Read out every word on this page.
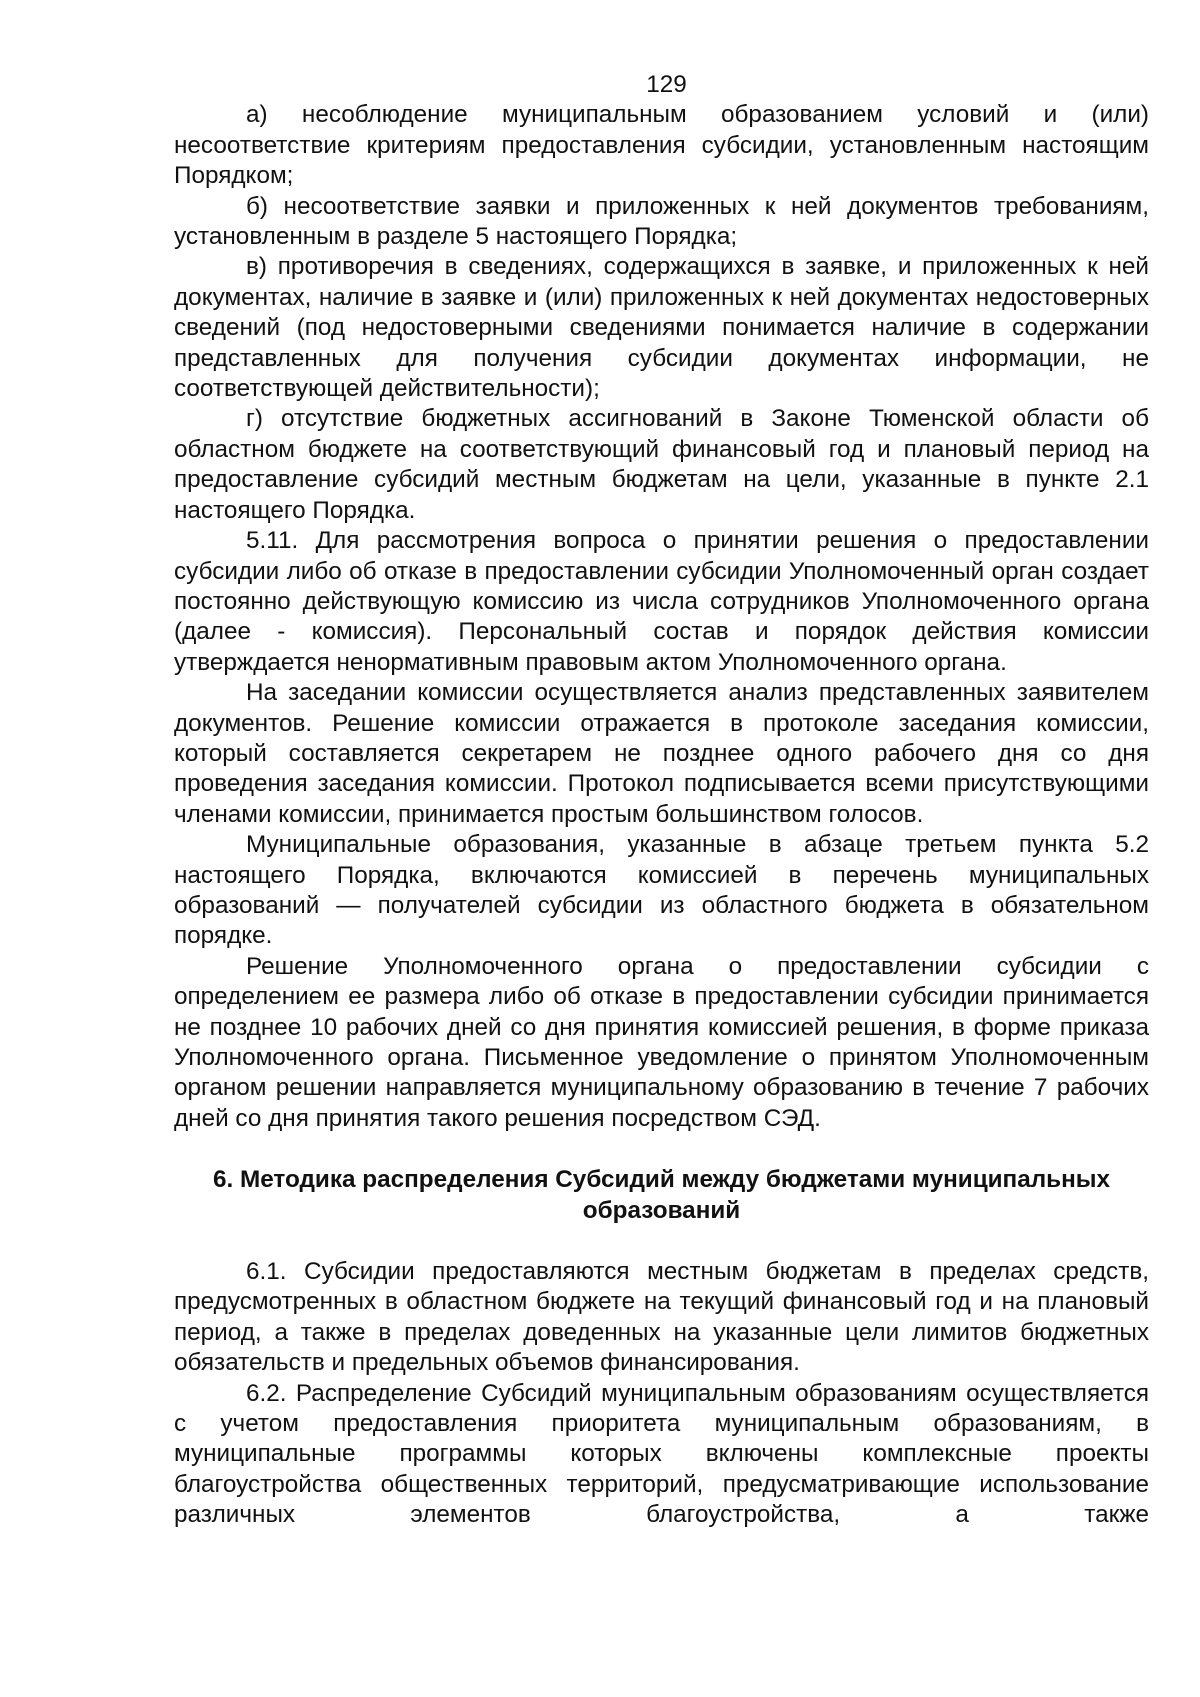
129

а) несоблюдение муниципальным образованием условий и (или) несоответствие критериям предоставления субсидии, установленным настоящим Порядком;

б) несоответствие заявки и приложенных к ней документов требованиям, установленным в разделе 5 настоящего Порядка;

в) противоречия в сведениях, содержащихся в заявке, и приложенных к ней документах, наличие в заявке и (или) приложенных к ней документах недостоверных сведений (под недостоверными сведениями понимается наличие в содержании представленных для получения субсидии документах информации, не соответствующей действительности);

г) отсутствие бюджетных ассигнований в Законе Тюменской области об областном бюджете на соответствующий финансовый год и плановый период на предоставление субсидий местным бюджетам на цели, указанные в пункте 2.1 настоящего Порядка.

5.11. Для рассмотрения вопроса о принятии решения о предоставлении субсидии либо об отказе в предоставлении субсидии Уполномоченный орган создает постоянно действующую комиссию из числа сотрудников Уполномоченного органа (далее - комиссия). Персональный состав и порядок действия комиссии утверждается ненормативным правовым актом Уполномоченного органа.

На заседании комиссии осуществляется анализ представленных заявителем документов. Решение комиссии отражается в протоколе заседания комиссии, который составляется секретарем не позднее одного рабочего дня со дня проведения заседания комиссии. Протокол подписывается всеми присутствующими членами комиссии, принимается простым большинством голосов.

Муниципальные образования, указанные в абзаце третьем пункта 5.2 настоящего Порядка, включаются комиссией в перечень муниципальных образований — получателей субсидии из областного бюджета в обязательном порядке.

Решение Уполномоченного органа о предоставлении субсидии с определением ее размера либо об отказе в предоставлении субсидии принимается не позднее 10 рабочих дней со дня принятия комиссией решения, в форме приказа Уполномоченного органа. Письменное уведомление о принятом Уполномоченным органом решении направляется муниципальному образованию в течение 7 рабочих дней со дня принятия такого решения посредством СЭД.

6. Методика распределения Субсидий между бюджетами муниципальных образований

6.1. Субсидии предоставляются местным бюджетам в пределах средств, предусмотренных в областном бюджете на текущий финансовый год и на плановый период, а также в пределах доведенных на указанные цели лимитов бюджетных обязательств и предельных объемов финансирования.

6.2. Распределение Субсидий муниципальным образованиям осуществляется с учетом предоставления приоритета муниципальным образованиям, в муниципальные программы которых включены комплексные проекты благоустройства общественных территорий, предусматривающие использование различных элементов благоустройства, а также
